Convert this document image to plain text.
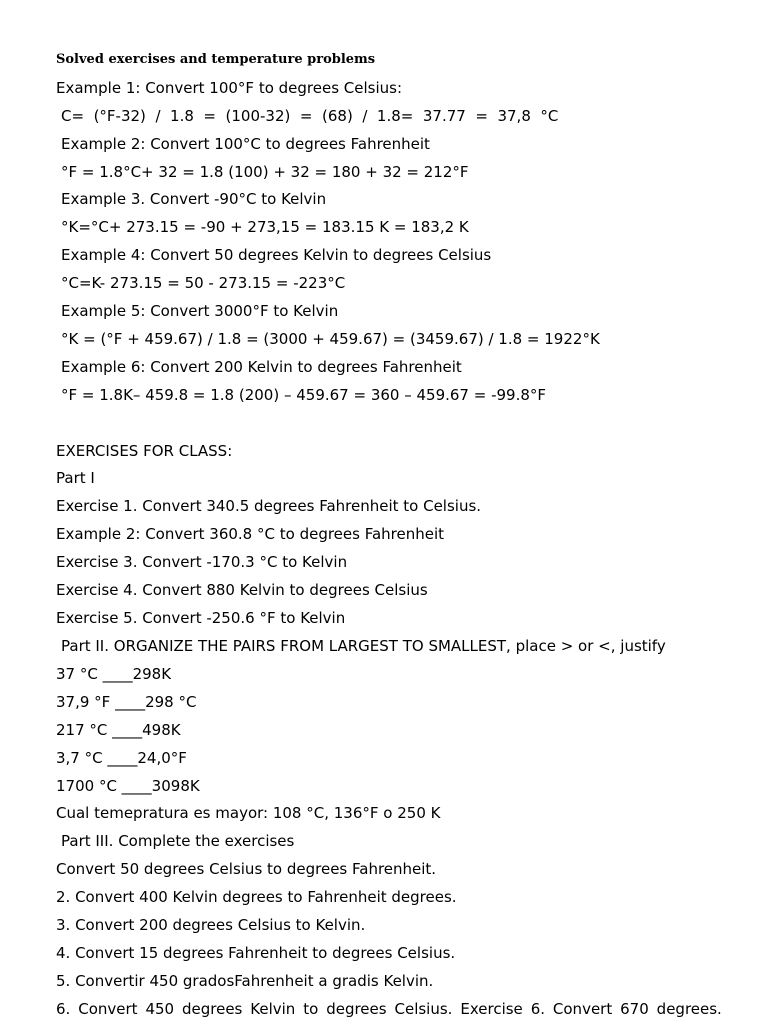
Solved exercises and temperature problems
Example 1: Convert 100°F to degrees Celsius:
C=  (°F-32)  /  1.8  =  (100-32)  =  (68)  /  1.8=  37.77  =  37,8  °C
Example 2: Convert 100°C to degrees Fahrenheit
°F = 1.8°C+ 32 = 1.8 (100) + 32 = 180 + 32 = 212°F
Example 3. Convert -90°C to Kelvin
°K=°C+ 273.15 = -90 + 273,15 = 183.15 K = 183,2 K
Example 4: Convert 50 degrees Kelvin to degrees Celsius
°C=K- 273.15 = 50 - 273.15 = -223°C
Example 5: Convert 3000°F to Kelvin
°K = (°F + 459.67) / 1.8 = (3000 + 459.67) = (3459.67) / 1.8 = 1922°K
Example 6: Convert 200 Kelvin to degrees Fahrenheit
°F = 1.8K– 459.8 = 1.8 (200) – 459.67 = 360 – 459.67 = -99.8°F
EXERCISES FOR CLASS:
Part I
Exercise 1. Convert 340.5 degrees Fahrenheit to Celsius.
Example 2: Convert 360.8 °C to degrees Fahrenheit
Exercise 3. Convert -170.3 °C to Kelvin
Exercise 4. Convert 880 Kelvin to degrees Celsius
Exercise 5. Convert -250.6 °F to Kelvin
Part II. ORGANIZE THE PAIRS FROM LARGEST TO SMALLEST, place > or <, justify
37 °C ____298K
37,9 °F ____298 °C
217 °C ____498K
3,7 °C ____24,0°F
1700 °C ____3098K
Cual temepratura es mayor: 108 °C, 136°F o 250 K
Part III. Complete the exercises
Convert 50 degrees Celsius to degrees Fahrenheit.
2. Convert 400 Kelvin degrees to Fahrenheit degrees.
3. Convert 200 degrees Celsius to Kelvin.
4. Convert 15 degrees Fahrenheit to degrees Celsius.
5. Convertir 450 gradosFahrenheit a gradis Kelvin.
6. Convert 450 degrees Kelvin to degrees Celsius. Exercise 6. Convert 670 degrees.
